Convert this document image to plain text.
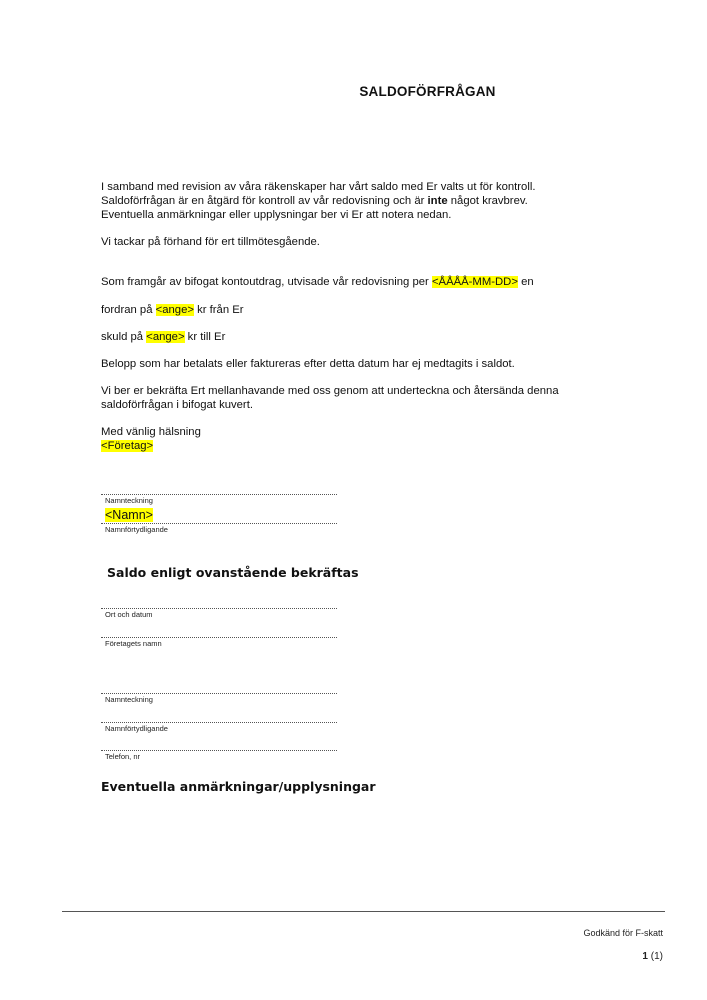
SALDOFÖRFRÅGAN
I samband med revision av våra räkenskaper har vårt saldo med Er valts ut för kontroll.
Saldoförfrågan är en åtgärd för kontroll av vår redovisning och är inte något kravbrev.
Eventuella anmärkningar eller upplysningar ber vi Er att notera nedan.
Vi tackar på förhand för ert tillmötesgående.
Som framgår av bifogat kontoutdrag, utvisade vår redovisning per <ÅÅÅÅ-MM-DD> en
fordran på <ange> kr från Er
skuld på <ange> kr till Er
Belopp som har betalats eller faktureras efter detta datum har ej medtagits i saldot.
Vi ber er bekräfta Ert mellanhavande med oss genom att underteckna och återsända denna
saldoförfrågan i bifogat kuvert.
Med vänlig hälsning
<Företag>
Namnteckning
<Namn>
Namnförtydligande
Saldo enligt ovanstående bekräftas
Ort och datum
Företagets namn
Namnteckning
Namnförtydligande
Telefon, nr
Eventuella anmärkningar/upplysningar
Godkänd för F-skatt
1 (1)
